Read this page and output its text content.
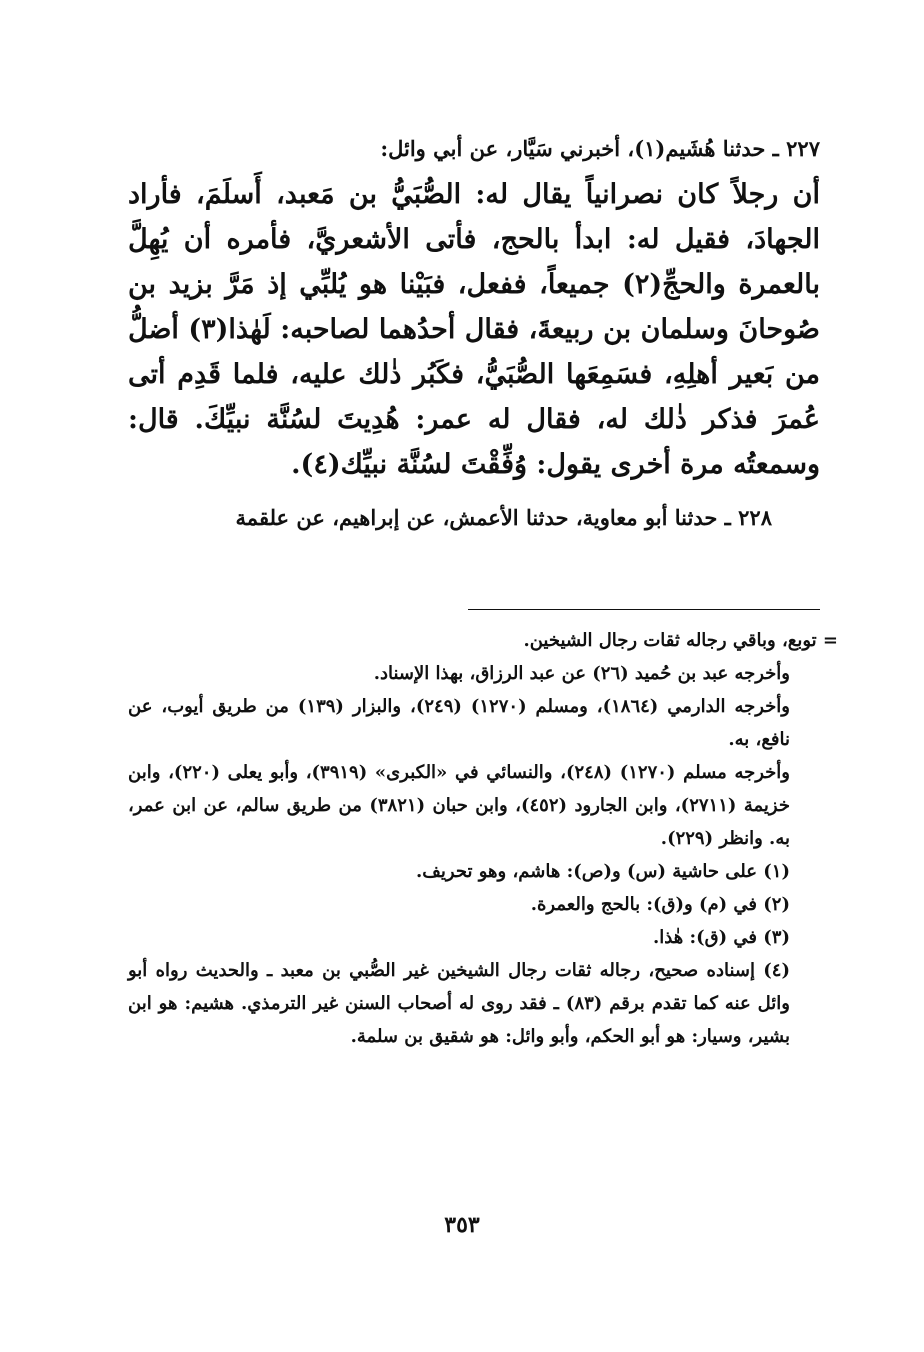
٢٢٧ ـ حدثنا هُشَيم(١)، أخبرني سَيَّار، عن أبي وائل:

أن رجلاً كان نصرانياً يقال له: الصُّبَيُّ بن مَعبد، أَسلَمَ، فأراد الجهادَ، فقيل له: ابدأ بالحج، فأتى الأشعريَّ، فأمره أن يُهِلَّ بالعمرة والحجِّ(٢) جميعاً، ففعل، فبَيْنا هو يُلبِّي إذ مَرَّ بزيد بن صُوحانَ وسلمان بن ربيعةَ، فقال أحدُهما لصاحبه: لَهٰذا(٣) أضلُّ من بَعير أهلِهِ، فسَمِعَها الصُّبَيُّ، فكَبُر ذٰلك عليه، فلما قَدِم أتى عُمرَ فذكر ذٰلك له، فقال له عمر: هُدِيتَ لسُنَّة نبيِّكَ. قال: وسمعتُه مرة أخرى يقول: وُفِّقْتَ لسُنَّة نبيِّك(٤).

٢٢٨ ـ حدثنا أبو معاوية، حدثنا الأعمش، عن إبراهيم، عن علقمة

= توبع، وباقي رجاله ثقات رجال الشيخين.

وأخرجه عبد بن حُميد (٢٦) عن عبد الرزاق، بهذا الإسناد.

وأخرجه الدارمي (١٨٦٤)، ومسلم (١٢٧٠) (٢٤٩)، والبزار (١٣٩) من طريق أيوب، عن نافع، به.

وأخرجه مسلم (١٢٧٠) (٢٤٨)، والنسائي في «الكبرى» (٣٩١٩)، وأبو يعلى (٢٢٠)، وابن خزيمة (٢٧١١)، وابن الجارود (٤٥٢)، وابن حبان (٣٨٢١) من طريق سالم، عن ابن عمر، به. وانظر (٢٢٩).

(١) على حاشية (س) و(ص): هاشم، وهو تحريف.

(٢) في (م) و(ق): بالحج والعمرة.

(٣) في (ق): هٰذا.

(٤) إسناده صحيح، رجاله ثقات رجال الشيخين غير الصُّبي بن معبد ـ والحديث رواه أبو وائل عنه كما تقدم برقم (٨٣) ـ فقد روى له أصحاب السنن غير الترمذي. هشيم: هو ابن بشير، وسيار: هو أبو الحكم، وأبو وائل: هو شقيق بن سلمة.

٣٥٣
